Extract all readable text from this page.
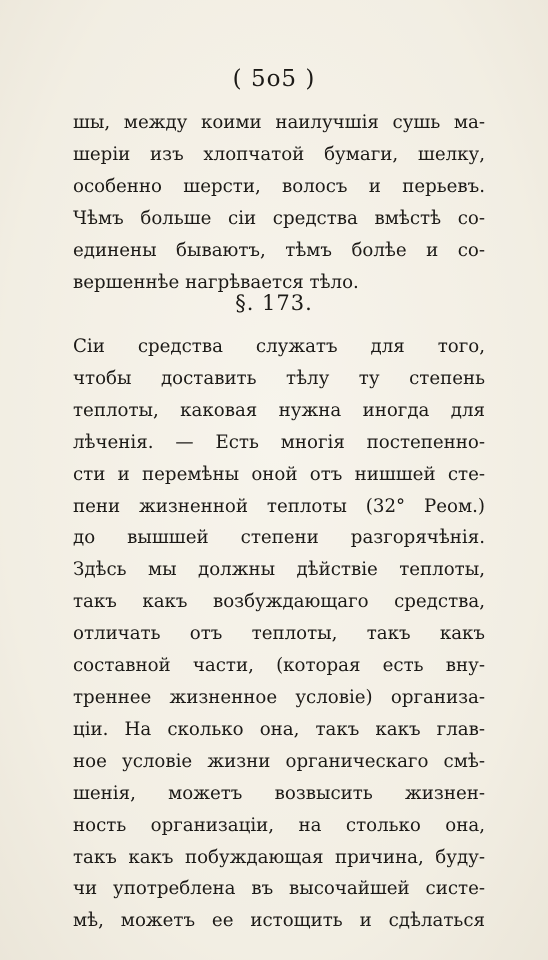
( 5о5 )
шы, между коими наилучшія сушь ма-
шеріи изъ хлопчатой бумаги, шелку,
особенно шерсти, волосъ и перьевъ.
Чѣмъ больше сіи средства вмѣстѣ со-
единены бываютъ, тѣмъ болѣе и со-
вершеннѣе нагрѣвается тѣло.
§. 173.
Сіи средства служатъ для того,
чтобы доставить тѣлу ту степень
теплоты, каковая нужна иногда для
лѣченія. — Есть многія постепенно-
сти и перемѣны оной отъ нишшей сте-
пени жизненной теплоты (32° Реом.)
до вышшей степени разгорячѣнія.
Здѣсь мы должны дѣйствіе теплоты,
такъ какъ возбуждающаго средства,
отличать отъ теплоты, такъ какъ
составной части, (которая есть вну-
треннее жизненное условіе) организа-
ціи. На сколько она, такъ какъ глав-
ное условіе жизни органическаго смѣ-
шенія, можетъ возвысить жизнен-
ность организаціи, на столько она,
такъ какъ побуждающая причина, буду-
чи употреблена въ высочайшей систе-
мѣ, можетъ ее истощить и сдѣлаться
